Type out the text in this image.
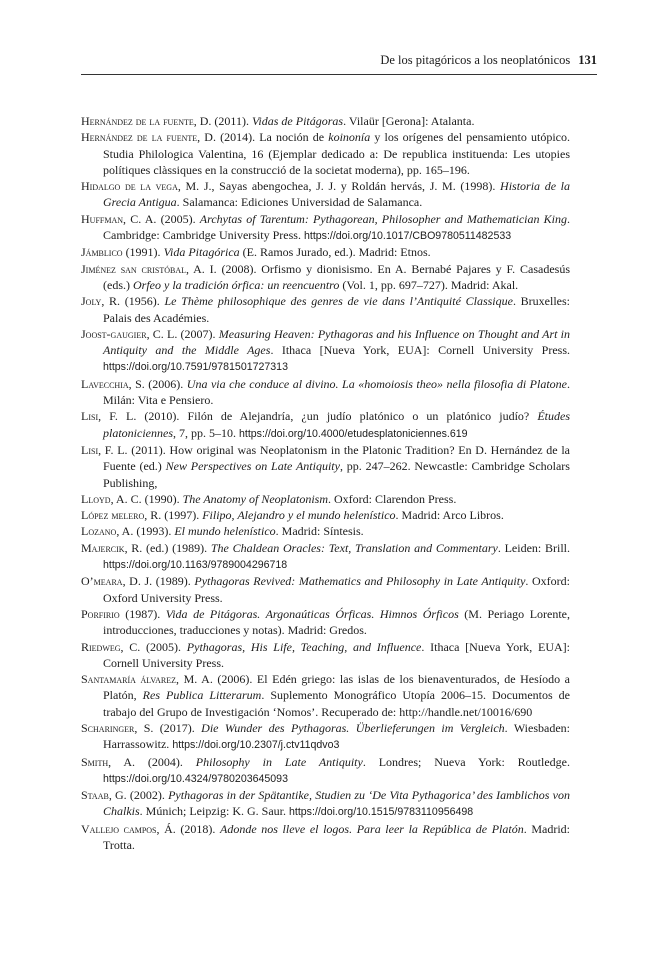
De los pitagóricos a los neoplatónicos 131

Hernández de la fuente, D. (2011). Vidas de Pitágoras. Vilaür [Gerona]: Atalanta.

Hernández de la fuente, D. (2014). La noción de koinonía y los orígenes del pensamiento utópico. Studia Philologica Valentina, 16 (Ejemplar dedicado a: De republica instituenda: Les utopies polítiques clàssiques en la construcció de la societat moderna), pp. 165–196.

Hidalgo de la vega, M. J., Sayas abengochea, J. J. y Roldán hervás, J. M. (1998). Historia de la Grecia Antigua. Salamanca: Ediciones Universidad de Salamanca.

Huffman, C. A. (2005). Archytas of Tarentum: Pythagorean, Philosopher and Mathematician King. Cambridge: Cambridge University Press. https://doi.org/10.1017/CBO9780511482533

Jámblico (1991). Vida Pitagórica (E. Ramos Jurado, ed.). Madrid: Etnos.

Jiménez san cristóbal, A. I. (2008). Orfismo y dionisismo. En A. Bernabé Pajares y F. Casadesús (eds.) Orfeo y la tradición órfica: un reencuentro (Vol. 1, pp. 697–727). Madrid: Akal.

Joly, R. (1956). Le Thème philosophique des genres de vie dans l’Antiquité Classique. Bruxelles: Palais des Académies.

Joost-gaugier, C. L. (2007). Measuring Heaven: Pythagoras and his Influence on Thought and Art in Antiquity and the Middle Ages. Ithaca [Nueva York, EUA]: Cornell University Press. https://doi.org/10.7591/9781501727313

Lavecchia, S. (2006). Una via che conduce al divino. La «homoiosis theo» nella filosofia di Platone. Milán: Vita e Pensiero.

Lisi, F. L. (2010). Filón de Alejandría, ¿un judío platónico o un platónico judío? Études platoniciennes, 7, pp. 5–10. https://doi.org/10.4000/etudesplatoniciennes.619

Lisi, F. L. (2011). How original was Neoplatonism in the Platonic Tradition? En D. Hernández de la Fuente (ed.) New Perspectives on Late Antiquity, pp. 247–262. Newcastle: Cambridge Scholars Publishing,

Lloyd, A. C. (1990). The Anatomy of Neoplatonism. Oxford: Clarendon Press.

López melero, R. (1997). Filipo, Alejandro y el mundo helenístico. Madrid: Arco Libros.

Lozano, A. (1993). El mundo helenístico. Madrid: Síntesis.

Majercik, R. (ed.) (1989). The Chaldean Oracles: Text, Translation and Commentary. Leiden: Brill. https://doi.org/10.1163/9789004296718

O’meara, D. J. (1989). Pythagoras Revived: Mathematics and Philosophy in Late Antiquity. Oxford: Oxford University Press.

Porfirio (1987). Vida de Pitágoras. Argonaúticas Órficas. Himnos Órficos (M. Periago Lorente, introducciones, traducciones y notas). Madrid: Gredos.

Riedweg, C. (2005). Pythagoras, His Life, Teaching, and Influence. Ithaca [Nueva York, EUA]: Cornell University Press.

Santamaría álvarez, M. A. (2006). El Edén griego: las islas de los bienaventurados, de Hesíodo a Platón, Res Publica Litterarum. Suplemento Monográfico Utopía 2006–15. Documentos de trabajo del Grupo de Investigación ‘Nomos’. Recuperado de: http://handle.net/10016/690

Scharinger, S. (2017). Die Wunder des Pythagoras. Überlieferungen im Vergleich. Wiesbaden: Harrassowitz. https://doi.org/10.2307/j.ctv11qdvo3

Smith, A. (2004). Philosophy in Late Antiquity. Londres; Nueva York: Routledge. https://doi.org/10.4324/9780203645093

Staab, G. (2002). Pythagoras in der Spätantike, Studien zu ‘De Vita Pythagorica’ des Iamblichos von Chalkis. Múnich; Leipzig: K. G. Saur. https://doi.org/10.1515/9783110956498

Vallejo campos, Á. (2018). Adonde nos lleve el logos. Para leer la República de Platón. Madrid: Trotta.
